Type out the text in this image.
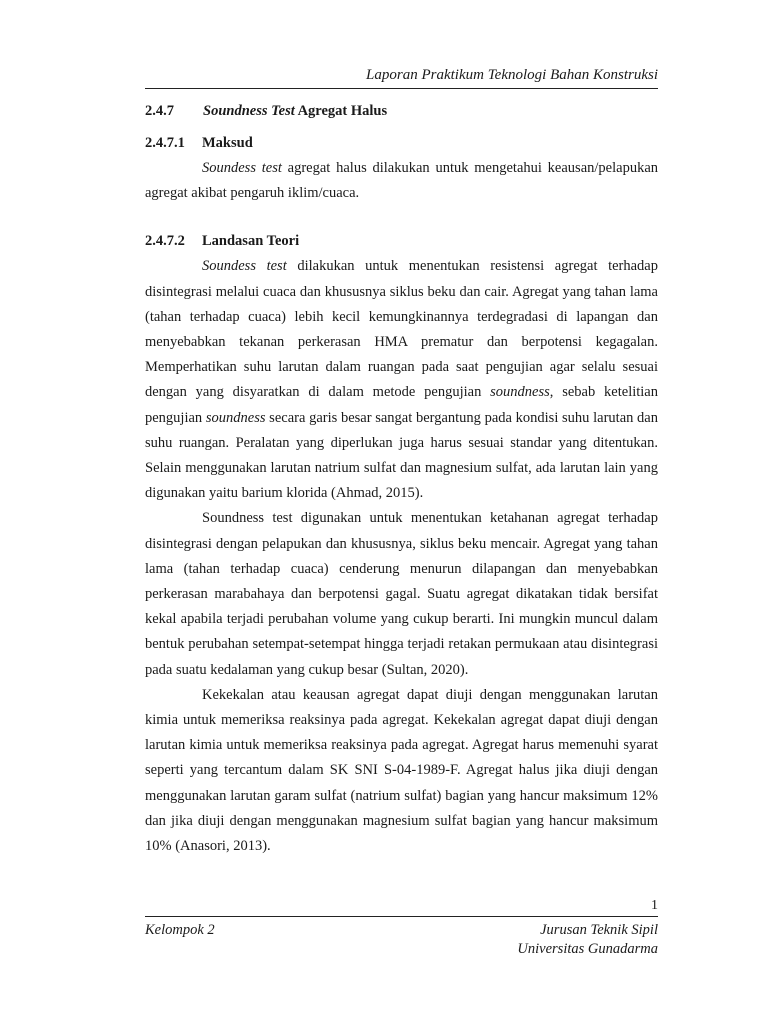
Laporan Praktikum Teknologi Bahan Konstruksi
2.4.7	Soundness Test Agregat Halus
2.4.7.1	Maksud

Soundess test agregat halus dilakukan untuk mengetahui keausan/pelapukan agregat akibat pengaruh iklim/cuaca.

2.4.7.2	Landasan Teori

Soundess test dilakukan untuk menentukan resistensi agregat terhadap disintegrasi melalui cuaca dan khususnya siklus beku dan cair. Agregat yang tahan lama (tahan terhadap cuaca) lebih kecil kemungkinannya terdegradasi di lapangan dan menyebabkan tekanan perkerasan HMA prematur dan berpotensi kegagalan. Memperhatikan suhu larutan dalam ruangan pada saat pengujian agar selalu sesuai dengan yang disyaratkan di dalam metode pengujian soundness, sebab ketelitian pengujian soundness secara garis besar sangat bergantung pada kondisi suhu larutan dan suhu ruangan. Peralatan yang diperlukan juga harus sesuai standar yang ditentukan. Selain menggunakan larutan natrium sulfat dan magnesium sulfat, ada larutan lain yang digunakan yaitu barium klorida (Ahmad, 2015).

Soundness test digunakan untuk menentukan ketahanan agregat terhadap disintegrasi dengan pelapukan dan khususnya, siklus beku mencair. Agregat yang tahan lama (tahan terhadap cuaca) cenderung menurun dilapangan dan menyebabkan perkerasan marabahaya dan berpotensi gagal. Suatu agregat dikatakan tidak bersifat kekal apabila terjadi perubahan volume yang cukup berarti. Ini mungkin muncul dalam bentuk perubahan setempat-setempat hingga terjadi retakan permukaan atau disintegrasi pada suatu kedalaman yang cukup besar (Sultan, 2020).

Kekekalan atau keausan agregat dapat diuji dengan menggunakan larutan kimia untuk memeriksa reaksinya pada agregat. Kekekalan agregat dapat diuji dengan larutan kimia untuk memeriksa reaksinya pada agregat. Agregat harus memenuhi syarat seperti yang tercantum dalam SK SNI S-04-1989-F. Agregat halus jika diuji dengan menggunakan larutan garam sulfat (natrium sulfat) bagian yang hancur maksimum 12% dan jika diuji dengan menggunakan magnesium sulfat bagian yang hancur maksimum 10% (Anasori, 2013).

1
Kelompok 2	Jurusan Teknik Sipil
Universitas Gunadarma
